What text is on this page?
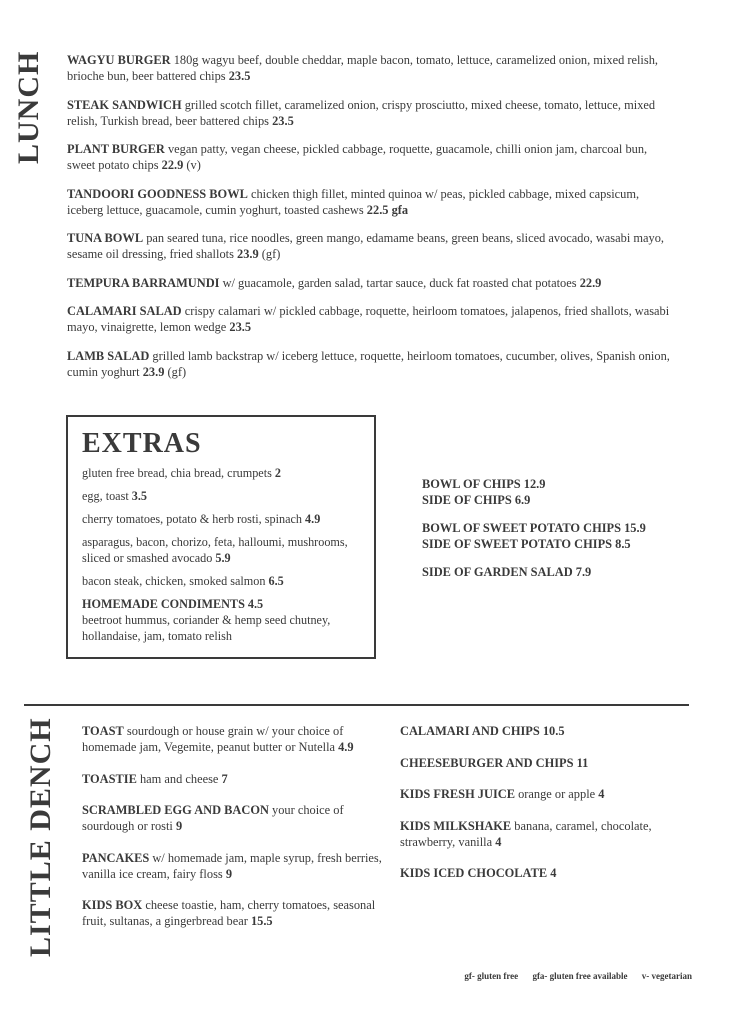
LUNCH WAGYU BURGER 180g wagyu beef, double cheddar, maple bacon, tomato, lettuce, caramelized onion, mixed relish, brioche bun, beer battered chips 23.5
STEAK SANDWICH grilled scotch fillet, caramelized onion, crispy prosciutto, mixed cheese, tomato, lettuce, mixed relish, Turkish bread, beer battered chips 23.5
PLANT BURGER vegan patty, vegan cheese, pickled cabbage, roquette, guacamole, chilli onion jam, charcoal bun, sweet potato chips 22.9 (v)
TANDOORI GOODNESS BOWL chicken thigh fillet, minted quinoa w/ peas, pickled cabbage, mixed capsicum, iceberg lettuce, guacamole, cumin yoghurt, toasted cashews 22.5 gfa
TUNA BOWL pan seared tuna, rice noodles, green mango, edamame beans, green beans, sliced avocado, wasabi mayo, sesame oil dressing, fried shallots 23.9 (gf)
TEMPURA BARRAMUNDI w/ guacamole, garden salad, tartar sauce, duck fat roasted chat potatoes 22.9
CALAMARI SALAD crispy calamari w/ pickled cabbage, roquette, heirloom tomatoes, jalapenos, fried shallots, wasabi mayo, vinaigrette, lemon wedge 23.5
LAMB SALAD grilled lamb backstrap w/ iceberg lettuce, roquette, heirloom tomatoes, cucumber, olives, Spanish onion, cumin yoghurt 23.9 (gf)
EXTRAS
gluten free bread, chia bread, crumpets 2
egg, toast 3.5
cherry tomatoes, potato & herb rosti, spinach 4.9
asparagus, bacon, chorizo, feta, halloumi, mushrooms, sliced or smashed avocado 5.9
bacon steak, chicken, smoked salmon 6.5
HOMEMADE CONDIMENTS 4.5
beetroot hummus, coriander & hemp seed chutney, hollandaise, jam, tomato relish
BOWL OF CHIPS 12.9
SIDE OF CHIPS 6.9
BOWL OF SWEET POTATO CHIPS 15.9
SIDE OF SWEET POTATO CHIPS 8.5
SIDE OF GARDEN SALAD 7.9
LITTLE DENCH TOAST sourdough or house grain w/ your choice of homemade jam, Vegemite, peanut butter or Nutella 4.9
TOASTIE ham and cheese 7
SCRAMBLED EGG AND BACON your choice of sourdough or rosti 9
PANCAKES w/ homemade jam, maple syrup, fresh berries, vanilla ice cream, fairy floss 9
KIDS BOX cheese toastie, ham, cherry tomatoes, seasonal fruit, sultanas, a gingerbread bear 15.5
CALAMARI AND CHIPS 10.5
CHEESEBURGER AND CHIPS 11
KIDS FRESH JUICE orange or apple 4
KIDS MILKSHAKE banana, caramel, chocolate, strawberry, vanilla 4
KIDS ICED CHOCOLATE 4
gf- gluten free gfa- gluten free available v- vegetarian
